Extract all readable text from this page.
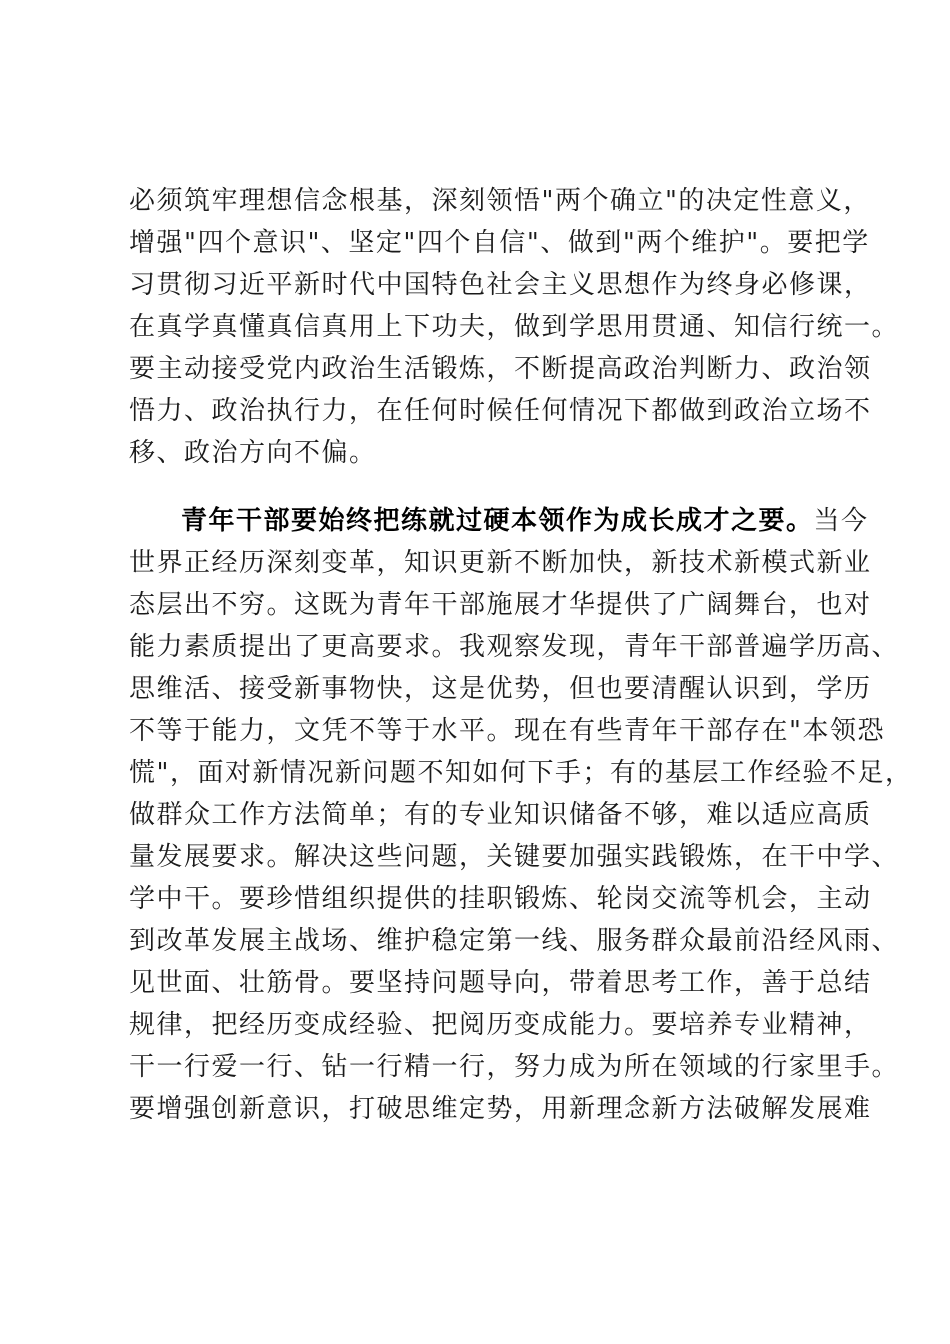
必须筑牢理想信念根基，深刻领悟"两个确立"的决定性意义，
增强"四个意识"、坚定"四个自信"、做到"两个维护"。要把学
习贯彻习近平新时代中国特色社会主义思想作为终身必修课，
在真学真懂真信真用上下功夫，做到学思用贯通、知信行统一。
要主动接受党内政治生活锻炼，不断提高政治判断力、政治领
悟力、政治执行力，在任何时候任何情况下都做到政治立场不
移、政治方向不偏。
青年干部要始终把练就过硬本领作为成长成才之要。当今
世界正经历深刻变革，知识更新不断加快，新技术新模式新业
态层出不穷。这既为青年干部施展才华提供了广阔舞台，也对
能力素质提出了更高要求。我观察发现，青年干部普遍学历高、
思维活、接受新事物快，这是优势，但也要清醒认识到，学历
不等于能力，文凭不等于水平。现在有些青年干部存在"本领恐
慌"，面对新情况新问题不知如何下手；有的基层工作经验不足，
做群众工作方法简单；有的专业知识储备不够，难以适应高质
量发展要求。解决这些问题，关键要加强实践锻炼，在干中学、
学中干。要珍惜组织提供的挂职锻炼、轮岗交流等机会，主动
到改革发展主战场、维护稳定第一线、服务群众最前沿经风雨、
见世面、壮筋骨。要坚持问题导向，带着思考工作，善于总结
规律，把经历变成经验、把阅历变成能力。要培养专业精神，
干一行爱一行、钻一行精一行，努力成为所在领域的行家里手。
要增强创新意识，打破思维定势，用新理念新方法破解发展难
